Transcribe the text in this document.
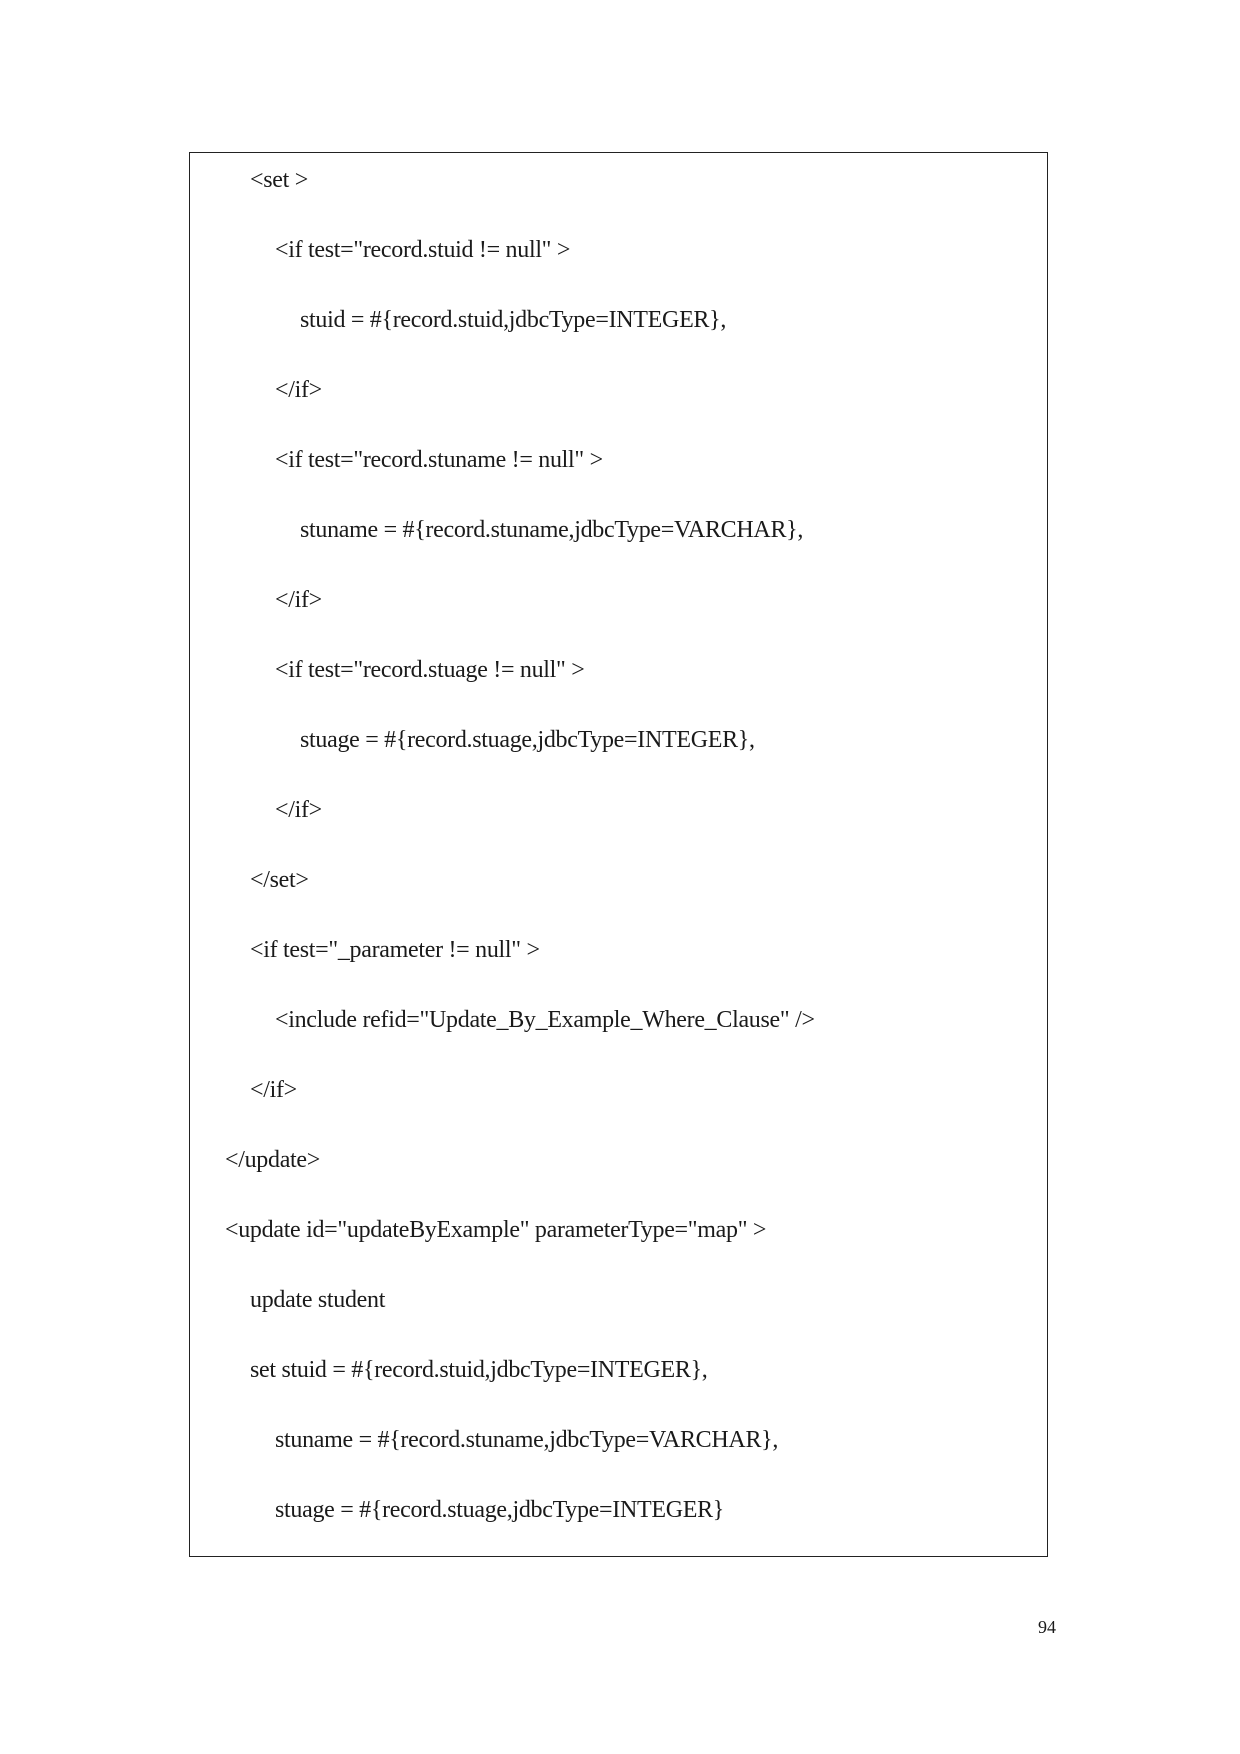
<set >
<if test="record.stuid != null" >
stuid = #{record.stuid,jdbcType=INTEGER},
</if>
<if test="record.stuname != null" >
stuname = #{record.stuname,jdbcType=VARCHAR},
</if>
<if test="record.stuage != null" >
stuage = #{record.stuage,jdbcType=INTEGER},
</if>
</set>
<if test="_parameter != null" >
<include refid="Update_By_Example_Where_Clause" />
</if>
</update>
<update id="updateByExample" parameterType="map" >
update student
set stuid = #{record.stuid,jdbcType=INTEGER},
stuname = #{record.stuname,jdbcType=VARCHAR},
stuage = #{record.stuage,jdbcType=INTEGER}
94
